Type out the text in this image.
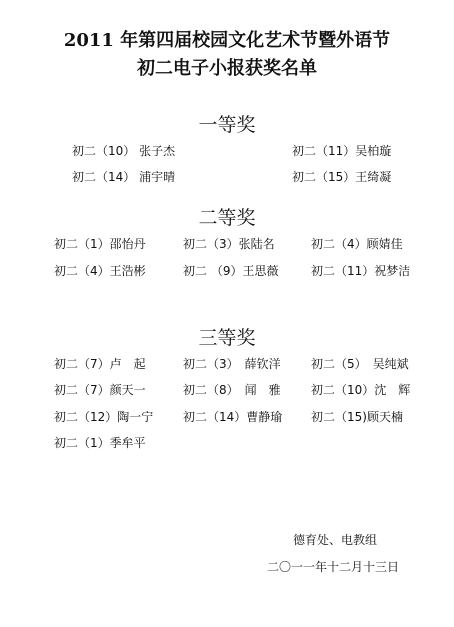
2011 年第四届校园文化艺术节暨外语节
初二电子小报获奖名单
一等奖
初二（10） 张子杰	初二（11）吴柏璇
初二（14） 浦宇晴	初二（15）王绮凝
二等奖
初二（1）邵怡丹	初二（3）张陆名	初二（4）顾婧佳
初二（4）王浩彬	初二 （9）王思薇	初二（11）祝梦洁
三等奖
初二（7）卢　起	初二（3）　薛钦洋	初二（5）　吴纯斌
初二（7）颜天一	初二（8）　闻　雅	初二（10）沈　辉
初二（12）陶一宁 初二（14）曹静瑜 初二（15)顾天楠
初二（1）季牟平
德育处、电教组
二〇一一年十二月十三日
